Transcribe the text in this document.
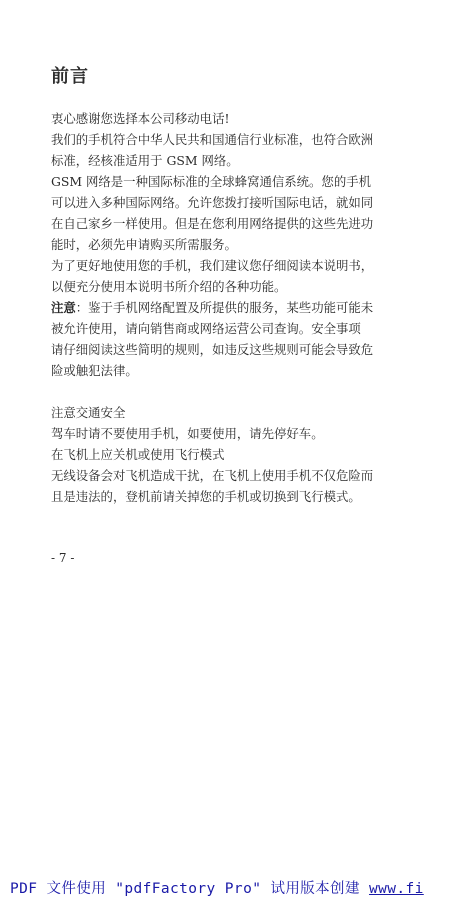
前言
衷心感谢您选择本公司移动电话!
我们的手机符合中华人民共和国通信行业标准，也符合欧洲
标准，经核准适用于 GSM 网络。
GSM 网络是一种国际标准的全球蜂窝通信系统。您的手机
可以进入多种国际网络。允许您拨打接听国际电话，就如同
在自己家乡一样使用。但是在您利用网络提供的这些先进功
能时，必须先申请购买所需服务。
为了更好地使用您的手机，我们建议您仔细阅读本说明书，
以便充分使用本说明书所介绍的各种功能。
注意：鉴于手机网络配置及所提供的服务，某些功能可能未
被允许使用，请向销售商或网络运营公司查询。安全事项
请仔细阅读这些简明的规则，如违反这些规则可能会导致危
险或触犯法律。
注意交通安全
驾车时请不要使用手机，如要使用，请先停好车。
在飞机上应关机或使用飞行模式
无线设备会对飞机造成干扰，在飞机上使用手机不仅危险而
且是违法的，登机前请关掉您的手机或切换到飞行模式。
- 7 -
PDF 文件使用 "pdfFactory Pro" 试用版本创建 www.fi
